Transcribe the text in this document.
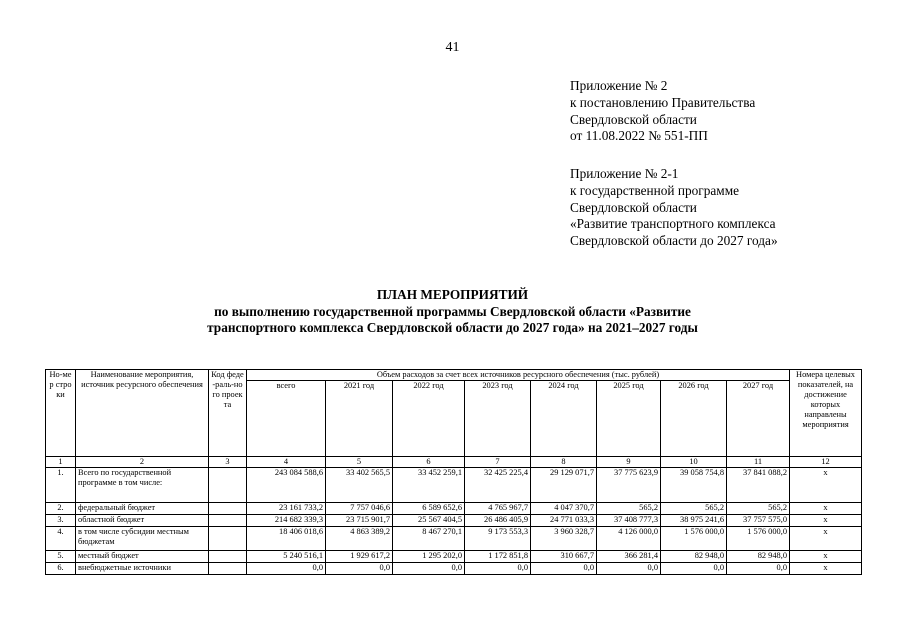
41
Приложение № 2
к постановлению Правительства
Свердловской области
от 11.08.2022 № 551-ПП
Приложение № 2-1
к государственной программе
Свердловской области
«Развитие транспортного комплекса
Свердловской области до 2027 года»
ПЛАН МЕРОПРИЯТИЙ
по выполнению государственной программы Свердловской области «Развитие
транспортного комплекса Свердловской области до 2027 года» на 2021–2027 годы
Но-мер стро ки	Наименование мероприятия, источник ресурсного обеспечения	Код феде-раль-ного проекта	Объем расходов за счет всех источников ресурсного обеспечения (тыс. рублей)								Номера целевых показателей, на достижение которых направлены мероприятия
			всего	2021 год	2022 год	2023 год	2024 год	2025 год	2026 год	2027 год	
1	2	3	4	5	6	7	8	9	10	11	12
1.	Всего по государственной программе в том числе:		243 084 588,6	33 402 565,5	33 452 259,1	32 425 225,4	29 129 071,7	37 775 623,9	39 058 754,8	37 841 088,2	х
2.	федеральный бюджет		23 161 733,2	7 757 046,6	6 589 652,6	4 765 967,7	4 047 370,7	565,2	565,2	565,2	х
3.	областной бюджет		214 682 339,3	23 715 901,7	25 567 404,5	26 486 405,9	24 771 033,3	37 408 777,3	38 975 241,6	37 757 575,0	х
4.	в том числе субсидии местным бюджетам		18 406 018,6	4 863 389,2	8 467 270,1	9 173 553,3	3 960 328,7	4 126 000,0	1 576 000,0	1 576 000,0	х
5.	местный бюджет		5 240 516,1	1 929 617,2	1 295 202,0	1 172 851,8	310 667,7	366 281,4	82 948,0	82 948,0	х
6.	внебюджетные источники		0,0	0,0	0,0	0,0	0,0	0,0	0,0	0,0	х
